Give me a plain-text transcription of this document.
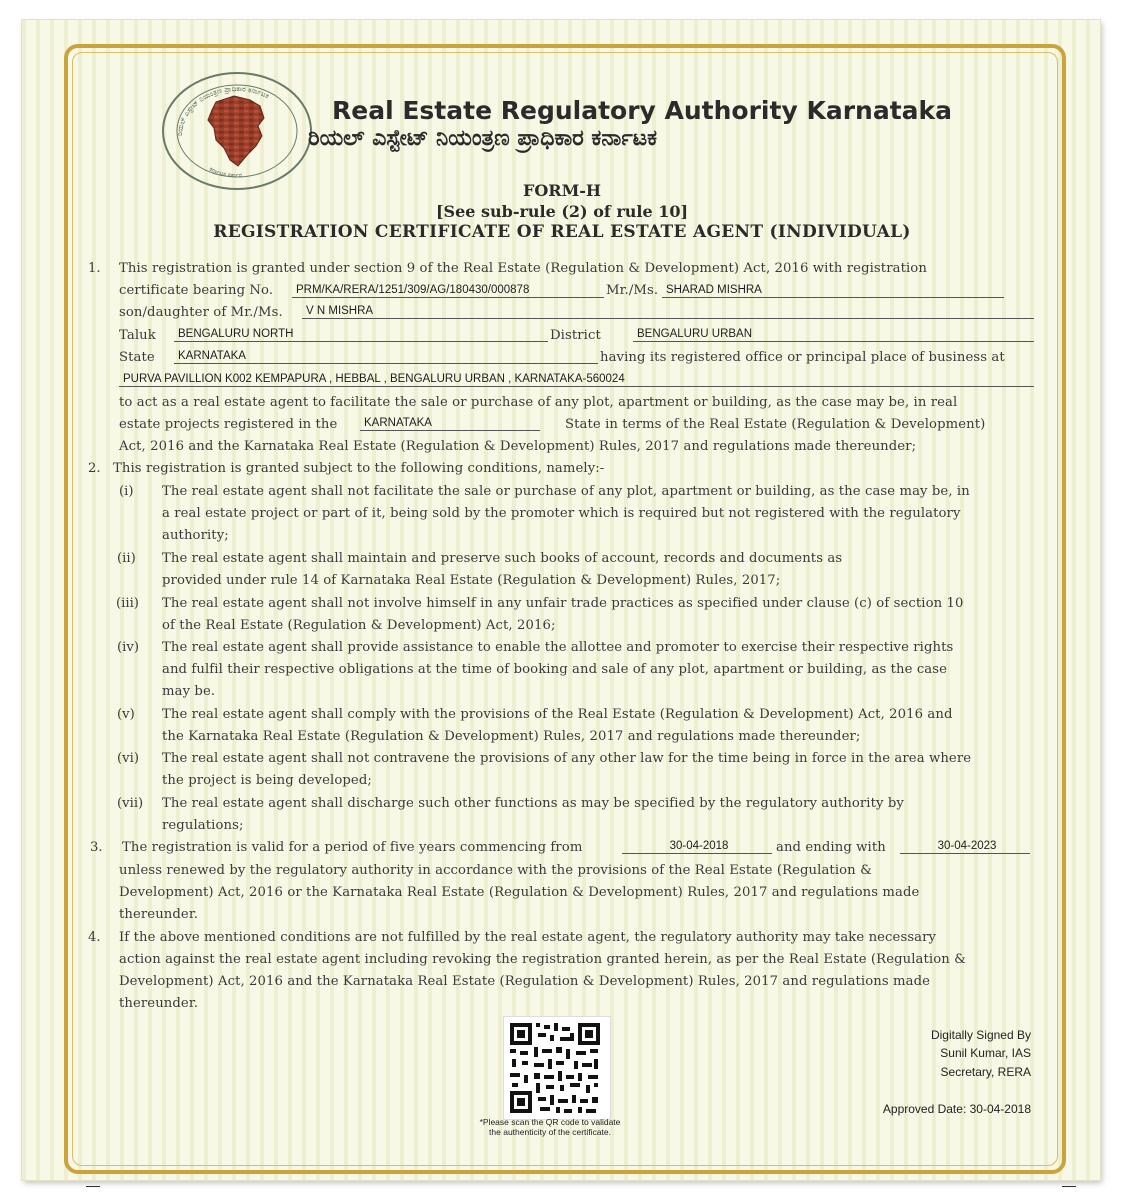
ರಿಯಲ್ ಎಸ್ಟೇಟ್ ನಿಯಂತ್ರಣ ಪ್ರಾಧಿಕಾರ ಕರ್ನಾಟಕ
ಕರ್ನಾಟಕ ಸರ್ಕಾರ
Real Estate Regulatory Authority Karnataka
ರಿಯಲ್ ಎಸ್ಟೇಟ್ ನಿಯಂತ್ರಣ ಪ್ರಾಧಿಕಾರ ಕರ್ನಾಟಕ
FORM-H
[See sub-rule (2) of rule 10]
REGISTRATION CERTIFICATE OF REAL ESTATE AGENT (INDIVIDUAL)
1. This registration is granted under section 9 of the Real Estate (Regulation & Development) Act, 2016 with registration
certificate bearing No.	PRM/KA/RERA/1251/309/AG/180430/000878	Mr./Ms. SHARAD MISHRA
son/daughter of Mr./Ms.	V N MISHRA
Taluk	BENGALURU NORTH	District	BENGALURU URBAN
State	KARNATAKA	having its registered office or principal place of business at
PURVA PAVILLION K002 KEMPAPURA , HEBBAL , BENGALURU URBAN , KARNATAKA-560024
to act as a real estate agent to facilitate the sale or purchase of any plot, apartment or building, as the case may be, in real
estate projects registered in the	KARNATAKA	State in terms of the Real Estate (Regulation & Development)
Act, 2016 and the Karnataka Real Estate (Regulation & Development) Rules, 2017 and regulations made thereunder;
2. This registration is granted subject to the following conditions, namely:-
(i) The real estate agent shall not facilitate the sale or purchase of any plot, apartment or building, as the case may be, in
a real estate project or part of it, being sold by the promoter which is required but not registered with the regulatory
authority;
(ii) The real estate agent shall maintain and preserve such books of account, records and documents as
provided under rule 14 of Karnataka Real Estate (Regulation & Development) Rules, 2017;
(iii) The real estate agent shall not involve himself in any unfair trade practices as specified under clause (c) of section 10
of the Real Estate (Regulation & Development) Act, 2016;
(iv) The real estate agent shall provide assistance to enable the allottee and promoter to exercise their respective rights
and fulfil their respective obligations at the time of booking and sale of any plot, apartment or building, as the case
may be.
(v) The real estate agent shall comply with the provisions of the Real Estate (Regulation & Development) Act, 2016 and
the Karnataka Real Estate (Regulation & Development) Rules, 2017 and regulations made thereunder;
(vi) The real estate agent shall not contravene the provisions of any other law for the time being in force in the area where
the project is being developed;
(vii) The real estate agent shall discharge such other functions as may be specified by the regulatory authority by
regulations;
3. The registration is valid for a period of five years commencing from	30-04-2018	and ending with	30-04-2023
unless renewed by the regulatory authority in accordance with the provisions of the Real Estate (Regulation &
Development) Act, 2016 or the Karnataka Real Estate (Regulation & Development) Rules, 2017 and regulations made
thereunder.
4. If the above mentioned conditions are not fulfilled by the real estate agent, the regulatory authority may take necessary
action against the real estate agent including revoking the registration granted herein, as per the Real Estate (Regulation &
Development) Act, 2016 and the Karnataka Real Estate (Regulation & Development) Rules, 2017 and regulations made
thereunder.
*Please scan the QR code to validate
the authenticity of the certificate.
Digitally Signed By
Sunil Kumar, IAS
Secretary, RERA
Approved Date: 30-04-2018
